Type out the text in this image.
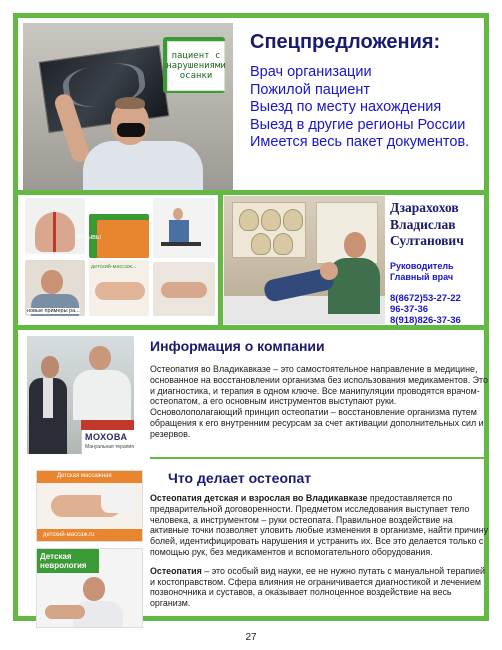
пациент с
нарушениями
осанки
Спецпредложения:
Врач организации
Пожилой пациент
Выезд по месту нахождения
Выезд в другие регионы России
Имеется весь пакет документов.
отзывы
новые примеры ра...
детский-массаж...
Дзарахохов
Владислав
Султанович
Руководитель
Главный врач
8(8672)53-27-22
96-37-36
8(918)826-37-36
МОХОВА
Мануальная терапия
Информация о компании

Остеопатия во Владикавказе – это самостоятельное направление в медицине, основанное на восстановлении организма без использования медикаментов. Это и диагностика, и терапия в одном ключе. Все манипуляции проводятся врачом-остеопатом, а его основным инструментов выступают руки. Основолополагающий принцип остеопатии – восстановление организма путем обращения к его внутренним ресурсам за счет активации дополнительных сил и резервов.

Детская массажная
детский-массаж.ru
Детская неврология
Что делает остеопат

Остеопатия детская и взрослая во Владикавказе предоставляется по предварительной договоренности. Предметом исследования выступает тело человека, а инструментом – руки остеопата. Правильное воздействие на активные точки позволяет уловить любые изменения в организме, найти причину болей, идентифицировать нарушения и устранить их. Все это делается только с помощью рук, без медикаментов и вспомогательного оборудования.

Остеопатия – это особый вид науки, ее не нужно путать с мануальной терапией и костоправством. Сфера влияния не ограничивается диагностикой и лечением позвоночника и суставов, а оказывает полноценное воздействие на весь организм.

27
